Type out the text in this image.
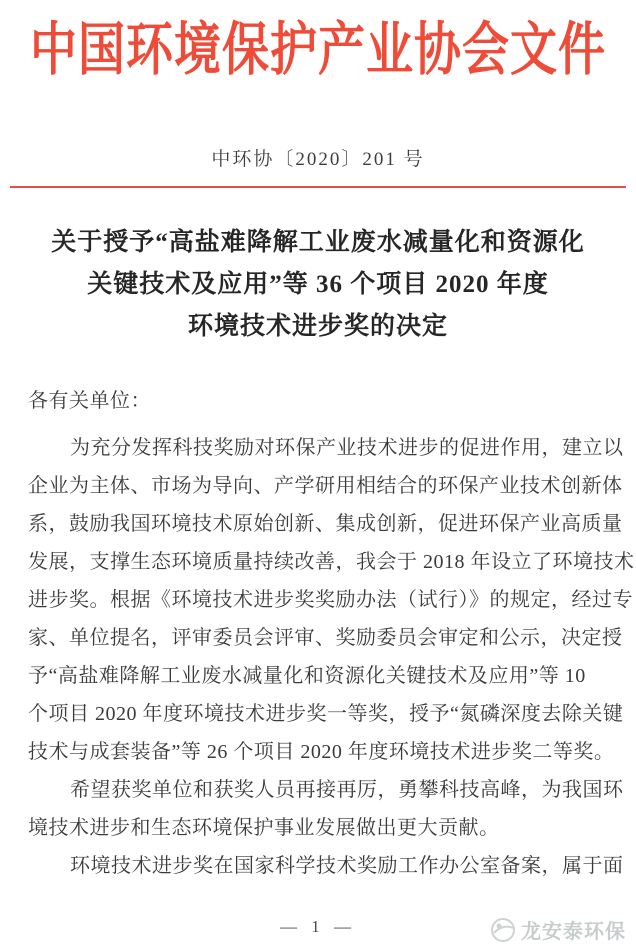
中国环境保护产业协会文件
中环协〔2020〕201 号
关于授予“高盐难降解工业废水减量化和资源化
关键技术及应用”等 36 个项目 2020 年度
环境技术进步奖的决定
各有关单位：
为充分发挥科技奖励对环保产业技术进步的促进作用，建立以
企业为主体、市场为导向、产学研用相结合的环保产业技术创新体
系，鼓励我国环境技术原始创新、集成创新，促进环保产业高质量
发展，支撑生态环境质量持续改善，我会于 2018 年设立了环境技术
进步奖。根据《环境技术进步奖奖励办法（试行）》的规定，经过专
家、单位提名，评审委员会评审、奖励委员会审定和公示，决定授
予“高盐难降解工业废水减量化和资源化关键技术及应用”等 10
个项目 2020 年度环境技术进步奖一等奖，授予“氮磷深度去除关键
技术与成套装备”等 26 个项目 2020 年度环境技术进步奖二等奖。
希望获奖单位和获奖人员再接再厉，勇攀科技高峰，为我国环
境技术进步和生态环境保护事业发展做出更大贡献。
环境技术进步奖在国家科学技术奖励工作办公室备案，属于面
— 1 —	龙安泰环保
